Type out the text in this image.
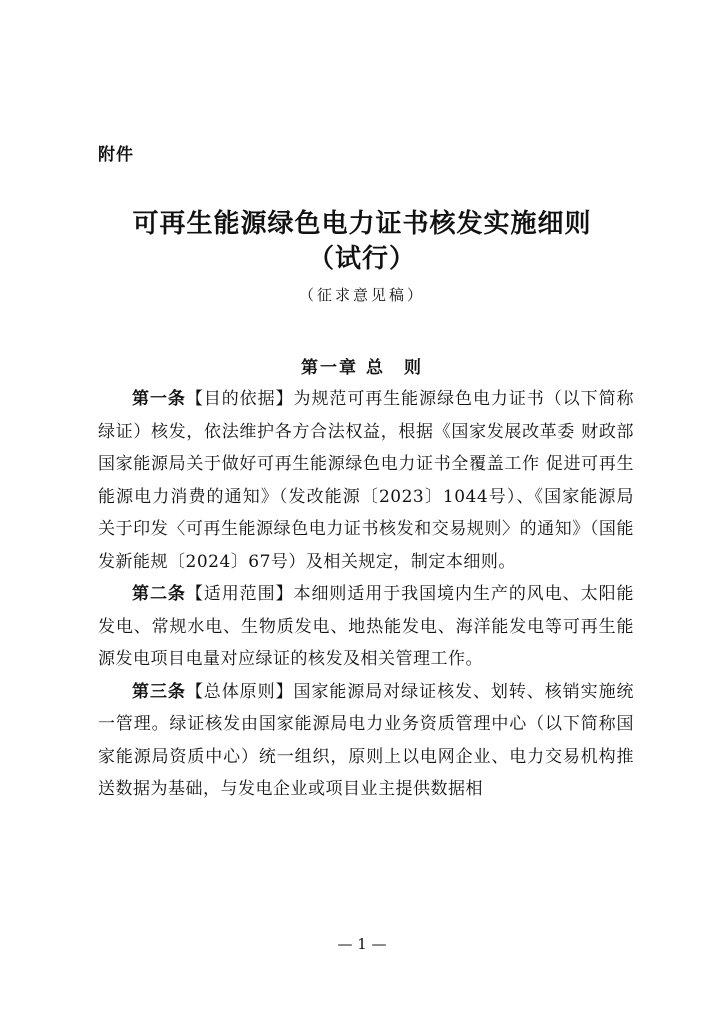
附件
可再生能源绿色电力证书核发实施细则
（试行）
（征求意见稿）
第一章 总　则

第一条【目的依据】为规范可再生能源绿色电力证书（以下简称绿证）核发，依法维护各方合法权益，根据《国家发展改革委 财政部 国家能源局关于做好可再生能源绿色电力证书全覆盖工作 促进可再生能源电力消费的通知》（发改能源〔2023〕1044号）、《国家能源局关于印发〈可再生能源绿色电力证书核发和交易规则〉的通知》（国能发新能规〔2024〕67号）及相关规定，制定本细则。

第二条【适用范围】本细则适用于我国境内生产的风电、太阳能发电、常规水电、生物质发电、地热能发电、海洋能发电等可再生能源发电项目电量对应绿证的核发及相关管理工作。

第三条【总体原则】国家能源局对绿证核发、划转、核销实施统一管理。绿证核发由国家能源局电力业务资质管理中心（以下简称国家能源局资质中心）统一组织，原则上以电网企业、电力交易机构推送数据为基础，与发电企业或项目业主提供数据相

— 1 —
